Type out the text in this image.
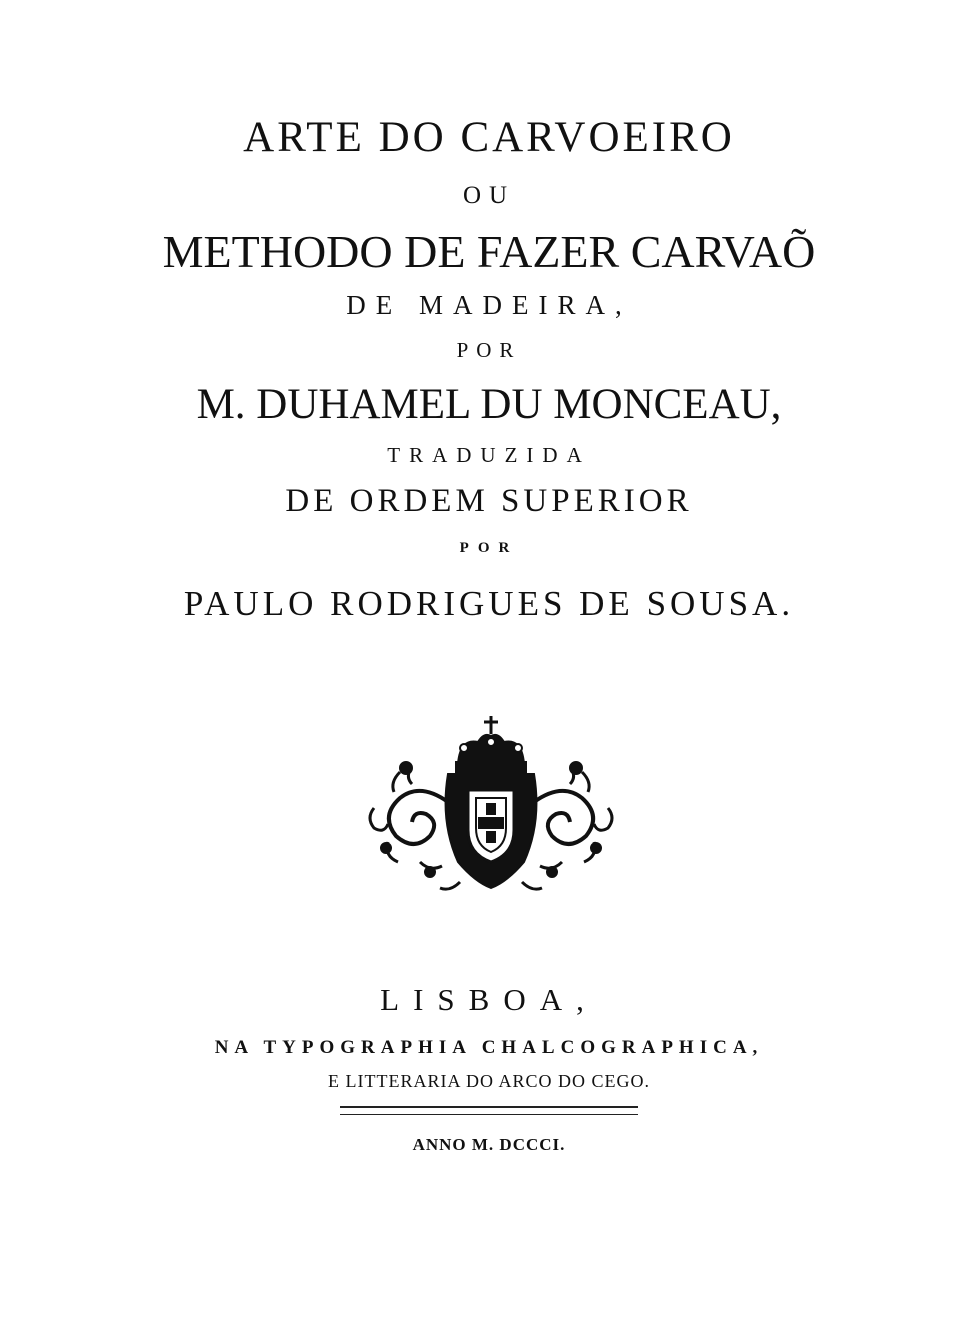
ARTE DO CARVOEIRO
OU
METHODO DE FAZER CARVAÕ
DE MADEIRA,
POR
M. DUHAMEL DU MONCEAU,
TRADUZIDA
DE ORDEM SUPERIOR
POR
PAULO RODRIGUES DE SOUSA.
LISBOA,
NA TYPOGRAPHIA CHALCOGRAPHICA,
E LITTERARIA DO ARCO DO CEGO.
ANNO M. DCCCI.
